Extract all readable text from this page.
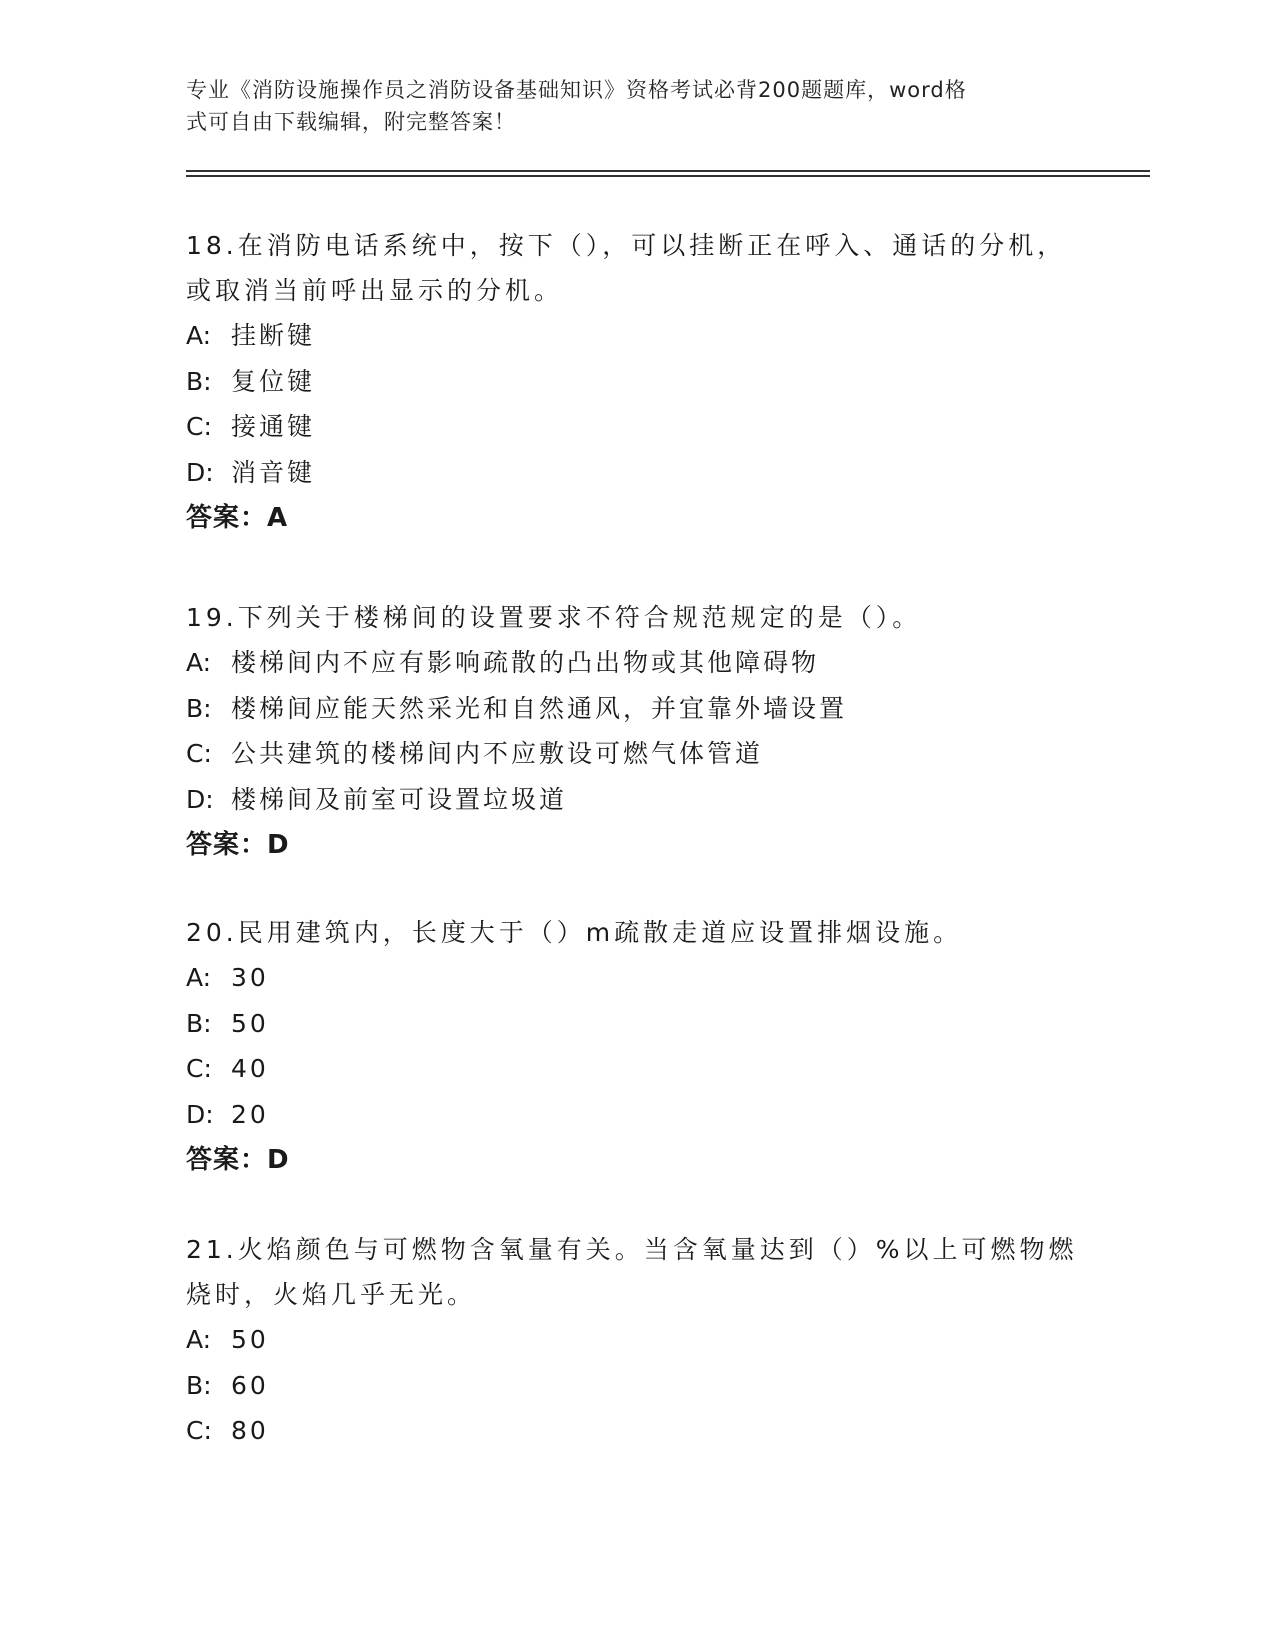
专业《消防设施操作员之消防设备基础知识》资格考试必背200题题库，word格
式可自由下载编辑，附完整答案！

18.在消防电话系统中，按下（），可以挂断正在呼入、通话的分机，

或取消当前呼出显示的分机。

A: 挂断键

B: 复位键

C: 接通键

D: 消音键

答案：A

19.下列关于楼梯间的设置要求不符合规范规定的是（）。

A: 楼梯间内不应有影响疏散的凸出物或其他障碍物

B: 楼梯间应能天然采光和自然通风，并宜靠外墙设置

C: 公共建筑的楼梯间内不应敷设可燃气体管道

D: 楼梯间及前室可设置垃圾道

答案：D

20.民用建筑内，长度大于（）m疏散走道应设置排烟设施。

A: 30

B: 50

C: 40

D: 20

答案：D

21.火焰颜色与可燃物含氧量有关。当含氧量达到（）%以上可燃物燃

烧时，火焰几乎无光。

A: 50

B: 60

C: 80
